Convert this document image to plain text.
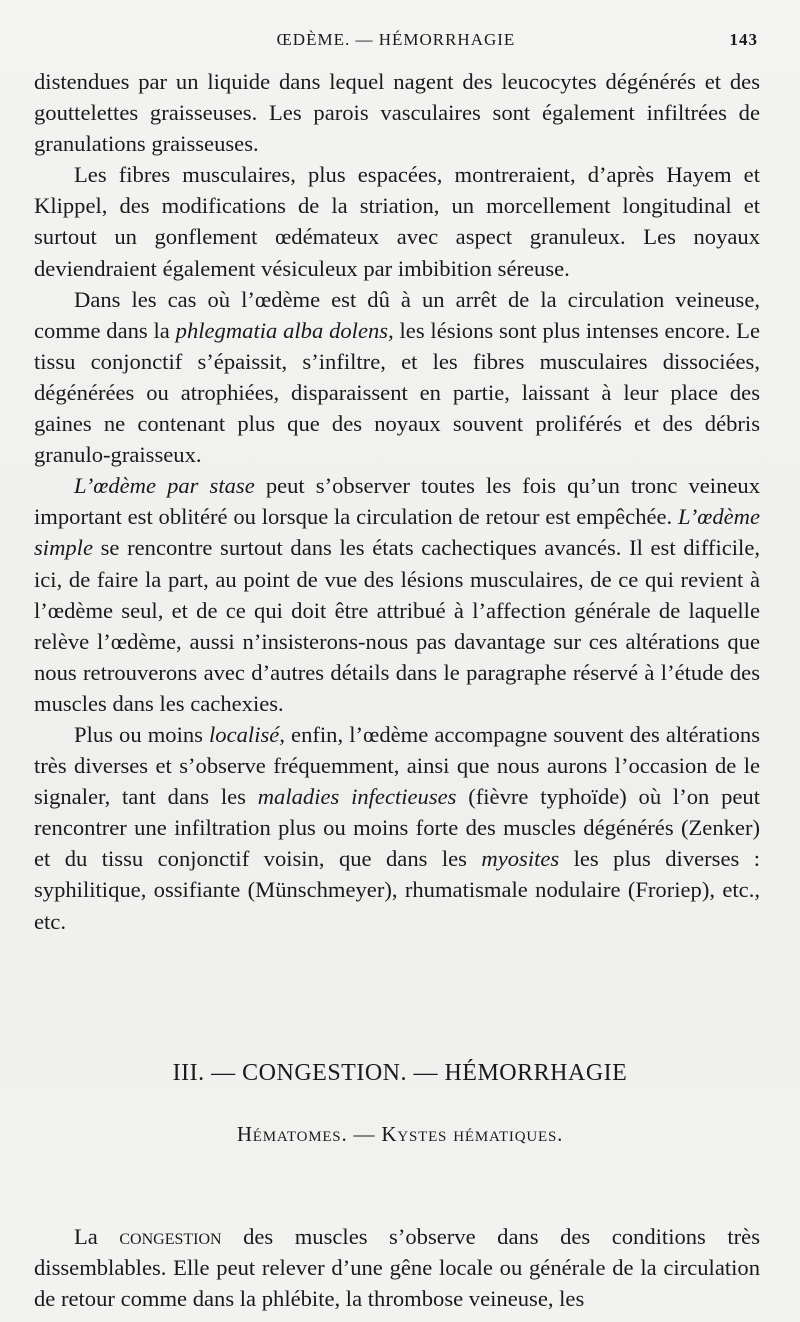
ŒDÈME. — HÉMORRHAGIE	143

distendues par un liquide dans lequel nagent des leucocytes dégénérés et des gouttelettes graisseuses. Les parois vasculaires sont également infiltrées de granulations graisseuses.

Les fibres musculaires, plus espacées, montreraient, d’après Hayem et Klippel, des modifications de la striation, un morcellement longitudinal et surtout un gonflement œdémateux avec aspect granuleux. Les noyaux deviendraient également vésiculeux par imbibition séreuse.

Dans les cas où l’œdème est dû à un arrêt de la circulation veineuse, comme dans la phlegmatia alba dolens, les lésions sont plus intenses encore. Le tissu conjonctif s’épaissit, s’infiltre, et les fibres musculaires dissociées, dégénérées ou atrophiées, disparaissent en partie, laissant à leur place des gaines ne contenant plus que des noyaux souvent proliférés et des débris granulo-graisseux.

L’œdème par stase peut s’observer toutes les fois qu’un tronc veineux important est oblitéré ou lorsque la circulation de retour est empêchée. L’œdème simple se rencontre surtout dans les états cachectiques avancés. Il est difficile, ici, de faire la part, au point de vue des lésions musculaires, de ce qui revient à l’œdème seul, et de ce qui doit être attribué à l’affection générale de laquelle relève l’œdème, aussi n’insisterons-nous pas davantage sur ces altérations que nous retrouverons avec d’autres détails dans le paragraphe réservé à l’étude des muscles dans les cachexies.

Plus ou moins localisé, enfin, l’œdème accompagne souvent des altérations très diverses et s’observe fréquemment, ainsi que nous aurons l’occasion de le signaler, tant dans les maladies infectieuses (fièvre typhoïde) où l’on peut rencontrer une infiltration plus ou moins forte des muscles dégénérés (Zenker) et du tissu conjonctif voisin, que dans les myosites les plus diverses : syphilitique, ossifiante (Münschmeyer), rhumatismale nodulaire (Froriep), etc., etc.

III. — CONGESTION. — HÉMORRHAGIE
Hématomes. — Kystes hématiques.

La congestion des muscles s’observe dans des conditions très dissemblables. Elle peut relever d’une gêne locale ou générale de la circulation de retour comme dans la phlébite, la thrombose veineuse, les
